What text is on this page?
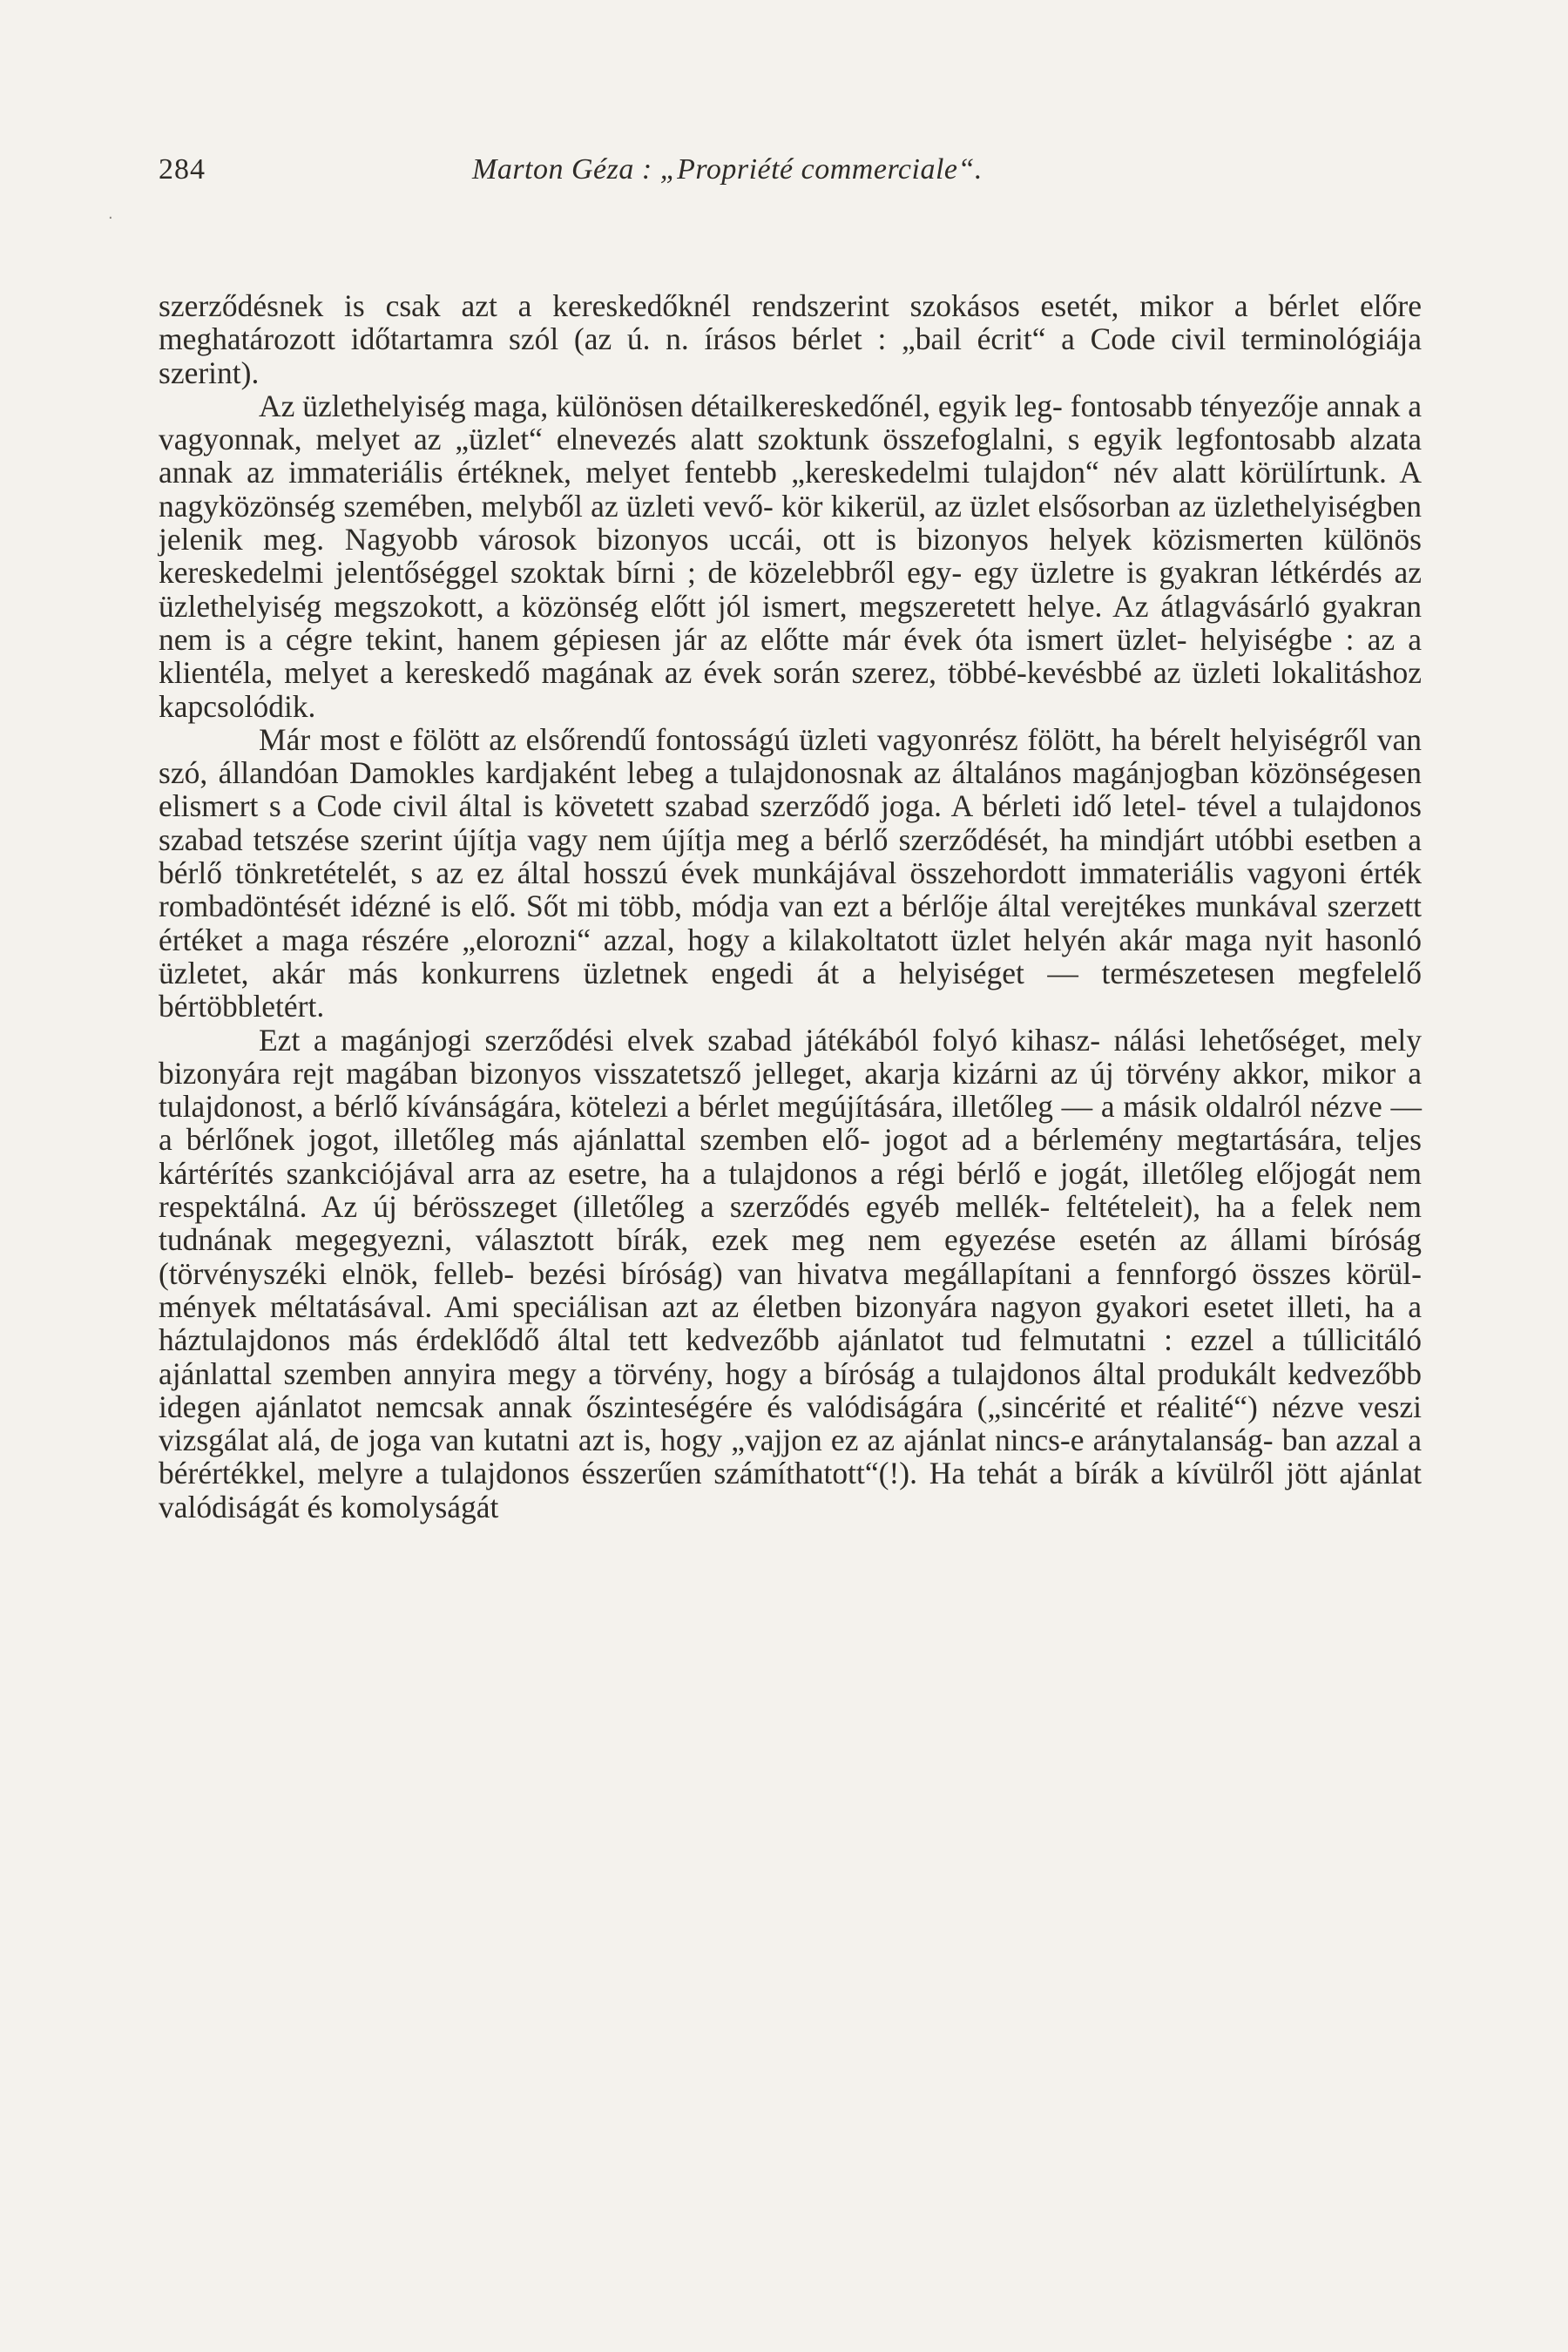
·
284	Marton Géza : „Propriété commerciale“.

szerződésnek is csak azt a kereskedőknél rendszerint szokásos esetét, mikor a bérlet előre meghatározott időtartamra szól (az ú. n. írásos bérlet : „bail écrit“ a Code civil terminológiája szerint).

Az üzlethelyiség maga, különösen détailkereskedőnél, egyik leg- fontosabb tényezője annak a vagyonnak, melyet az „üzlet“ elnevezés alatt szoktunk összefoglalni, s egyik legfontosabb alzata annak az immateriális értéknek, melyet fentebb „kereskedelmi tulajdon“ név alatt körülírtunk. A nagyközönség szemében, melyből az üzleti vevő- kör kikerül, az üzlet elsősorban az üzlethelyiségben jelenik meg. Nagyobb városok bizonyos uccái, ott is bizonyos helyek közismerten különös kereskedelmi jelentőséggel szoktak bírni ; de közelebbről egy- egy üzletre is gyakran létkérdés az üzlethelyiség megszokott, a közönség előtt jól ismert, megszeretett helye. Az átlagvásárló gyakran nem is a cégre tekint, hanem gépiesen jár az előtte már évek óta ismert üzlet- helyiségbe : az a klientéla, melyet a kereskedő magának az évek során szerez, többé-kevésbbé az üzleti lokalitáshoz kapcsolódik.

Már most e fölött az elsőrendű fontosságú üzleti vagyonrész fölött, ha bérelt helyiségről van szó, állandóan Damokles kardjaként lebeg a tulajdonosnak az általános magánjogban közönségesen elismert s a Code civil által is követett szabad szerződő joga. A bérleti idő letel- tével a tulajdonos szabad tetszése szerint újítja vagy nem újítja meg a bérlő szerződését, ha mindjárt utóbbi esetben a bérlő tönkretételét, s az ez által hosszú évek munkájával összehordott immateriális vagyoni érték rombadöntését idézné is elő. Sőt mi több, módja van ezt a bérlője által verejtékes munkával szerzett értéket a maga részére „elorozni“ azzal, hogy a kilakoltatott üzlet helyén akár maga nyit hasonló üzletet, akár más konkurrens üzletnek engedi át a helyiséget — természetesen megfelelő bértöbbletért.

Ezt a magánjogi szerződési elvek szabad játékából folyó kihasz- nálási lehetőséget, mely bizonyára rejt magában bizonyos visszatetsző jelleget, akarja kizárni az új törvény akkor, mikor a tulajdonost, a bérlő kívánságára, kötelezi a bérlet megújítására, illetőleg — a másik oldalról nézve — a bérlőnek jogot, illetőleg más ajánlattal szemben elő- jogot ad a bérlemény megtartására, teljes kártérítés szankciójával arra az esetre, ha a tulajdonos a régi bérlő e jogát, illetőleg előjogát nem respektálná. Az új bérösszeget (illetőleg a szerződés egyéb mellék- feltételeit), ha a felek nem tudnának megegyezni, választott bírák, ezek meg nem egyezése esetén az állami bíróság (törvényszéki elnök, felleb- bezési bíróság) van hivatva megállapítani a fennforgó összes körül- mények méltatásával. Ami speciálisan azt az életben bizonyára nagyon gyakori esetet illeti, ha a háztulajdonos más érdeklődő által tett kedvezőbb ajánlatot tud felmutatni : ezzel a túllicitáló ajánlattal szemben annyira megy a törvény, hogy a bíróság a tulajdonos által produkált kedvezőbb idegen ajánlatot nemcsak annak őszinteségére és valódiságára („sincérité et réalité“) nézve veszi vizsgálat alá, de joga van kutatni azt is, hogy „vajjon ez az ajánlat nincs-e aránytalanság- ban azzal a bérértékkel, melyre a tulajdonos ésszerűen számíthatott“(!). Ha tehát a bírák a kívülről jött ajánlat valódiságát és komolyságát
